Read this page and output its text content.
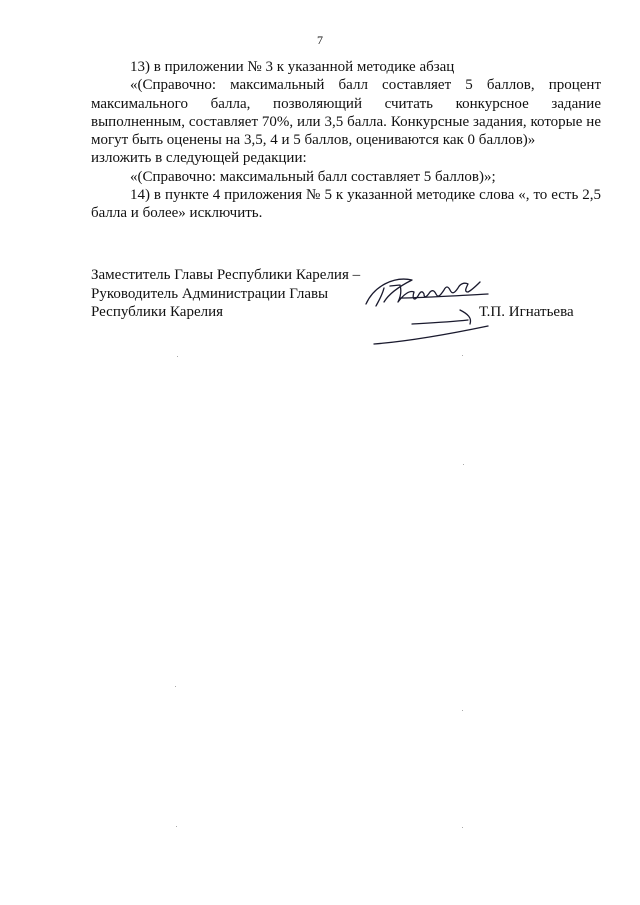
7

13) в приложении № 3 к указанной методике абзац

«(Справочно: максимальный балл составляет 5 баллов, процент максимального балла, позволяющий считать конкурсное задание выполненным, составляет 70%, или 3,5 балла. Конкурсные задания, которые не могут быть оценены на 3,5, 4 и 5 баллов, оцениваются как 0 баллов)»

изложить в следующей редакции:

«(Справочно: максимальный балл составляет 5 баллов)»;

14) в пункте 4 приложения № 5 к указанной методике слова «, то есть 2,5 балла и более» исключить.

Заместитель Главы Республики Карелия –
Руководитель Администрации Главы
Республики Карелия	Т.П. Игнатьева
